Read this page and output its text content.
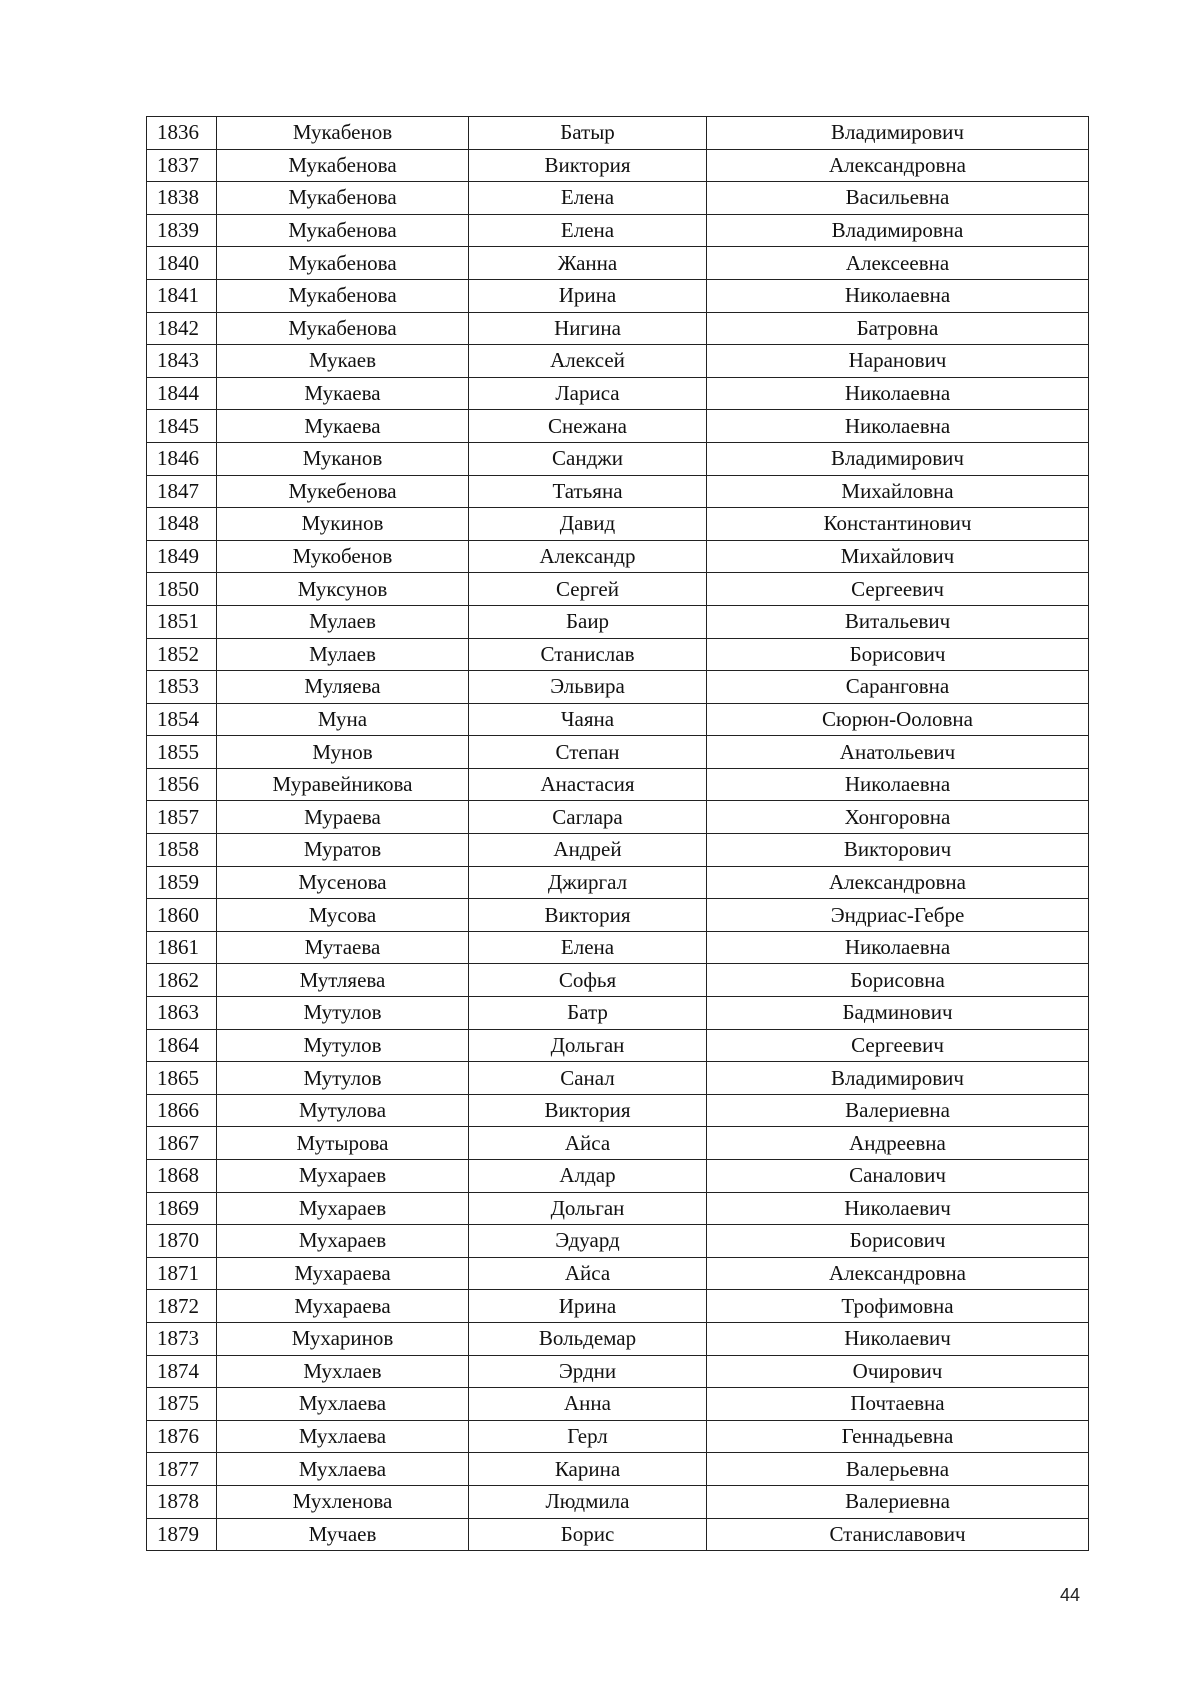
1836	Мукабенов	Батыр	Владимирович
1837	Мукабенова	Виктория	Александровна
1838	Мукабенова	Елена	Васильевна
1839	Мукабенова	Елена	Владимировна
1840	Мукабенова	Жанна	Алексеевна
1841	Мукабенова	Ирина	Николаевна
1842	Мукабенова	Нигина	Батровна
1843	Мукаев	Алексей	Наранович
1844	Мукаева	Лариса	Николаевна
1845	Мукаева	Снежана	Николаевна
1846	Муканов	Санджи	Владимирович
1847	Мукебенова	Татьяна	Михайловна
1848	Мукинов	Давид	Константинович
1849	Мукобенов	Александр	Михайлович
1850	Муксунов	Сергей	Сергеевич
1851	Мулаев	Баир	Витальевич
1852	Мулаев	Станислав	Борисович
1853	Муляева	Эльвира	Саранговна
1854	Муна	Чаяна	Сюрюн-Ооловна
1855	Мунов	Степан	Анатольевич
1856	Муравейникова	Анастасия	Николаевна
1857	Мураева	Саглара	Хонгоровна
1858	Муратов	Андрей	Викторович
1859	Мусенова	Джиргал	Александровна
1860	Мусова	Виктория	Эндриас-Гебре
1861	Мутаева	Елена	Николаевна
1862	Мутляева	Софья	Борисовна
1863	Мутулов	Батр	Бадминович
1864	Мутулов	Дольган	Сергеевич
1865	Мутулов	Санал	Владимирович
1866	Мутулова	Виктория	Валериевна
1867	Мутырова	Айса	Андреевна
1868	Мухараев	Алдар	Саналович
1869	Мухараев	Дольган	Николаевич
1870	Мухараев	Эдуард	Борисович
1871	Мухараева	Айса	Александровна
1872	Мухараева	Ирина	Трофимовна
1873	Мухаринов	Вольдемар	Николаевич
1874	Мухлаев	Эрдни	Очирович
1875	Мухлаева	Анна	Почтаевна
1876	Мухлаева	Герл	Геннадьевна
1877	Мухлаева	Карина	Валерьевна
1878	Мухленова	Людмила	Валериевна
1879	Мучаев	Борис	Станиславович
44
